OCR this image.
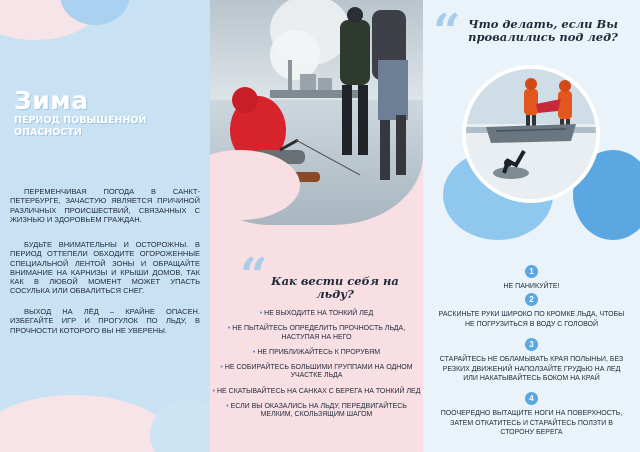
Зима
ПЕРИОД ПОВЫШЕННОЙ ОПАСНОСТИ

ПЕРЕМЕНЧИВАЯ ПОГОДА В САНКТ-ПЕТЕРБУРГЕ, ЗАЧАСТУЮ ЯВЛЯЕТСЯ ПРИЧИНОЙ РАЗЛИЧНЫХ ПРОИСШЕСТВИЙ, СВЯЗАННЫХ С ЖИЗНЬЮ И ЗДОРОВЬЕМ ГРАЖДАН.

БУДЬТЕ ВНИМАТЕЛЬНЫ И ОСТОРОЖНЫ. В ПЕРИОД ОТТЕПЕЛИ ОБХОДИТЕ ОГОРОЖЕННЫЕ СПЕЦИАЛЬНОЙ ЛЕНТОЙ ЗОНЫ И ОБРАЩАЙТЕ ВНИМАНИЕ НА КАРНИЗЫ И КРЫШИ ДОМОВ, ТАК КАК В ЛЮБОЙ МОМЕНТ МОЖЕТ УПАСТЬ СОСУЛЬКА ИЛИ ОБВАЛИТЬСЯ СНЕГ.

ВЫХОД НА ЛЁД – КРАЙНЕ ОПАСЕН. ИЗБЕГАЙТЕ ИГР И ПРОГУЛОК ПО ЛЬДУ, В ПРОЧНОСТИ КОТОРОГО ВЫ НЕ УВЕРЕНЫ.

“ Как вести себя на льду?
• НЕ ВЫХОДИТЕ НА ТОНКИЙ ЛЕД
• НЕ ПЫТАЙТЕСЬ ОПРЕДЕЛИТЬ ПРОЧНОСТЬ ЛЬДА, НАСТУПАЯ НА НЕГО
• НЕ ПРИБЛИЖАЙТЕСЬ К ПРОРУБЯМ
• НЕ СОБИРАЙТЕСЬ БОЛЬШИМИ ГРУППАМИ НА ОДНОМ УЧАСТКЕ ЛЬДА
• НЕ СКАТЫВАЙТЕСЬ НА САНКАХ С БЕРЕГА НА ТОНКИЙ ЛЕД
• ЕСЛИ ВЫ ОКАЗАЛИСЬ НА ЛЬДУ, ПЕРЕДВИГАЙТЕСЬ МЕЛКИМ, СКОЛЬЗЯЩИМ ШАГОМ
“ Что делать, если Вы провалились под лед?
1
НЕ ПАНИКУЙТЕ!
2
РАСКИНЬТЕ РУКИ ШИРОКО ПО КРОМКЕ ЛЬДА, ЧТОБЫ НЕ ПОГРУЗИТЬСЯ В ВОДУ С ГОЛОВОЙ
3
СТАРАЙТЕСЬ НЕ ОБЛАМЫВАТЬ КРАЯ ПОЛЫНЬИ, БЕЗ РЕЗКИХ ДВИЖЕНИЙ НАПОЛЗАЙТЕ ГРУДЬЮ НА ЛЕД ИЛИ НАКАТЫВАЙТЕСЬ БОКОМ НА КРАЙ
4
ПООЧЕРЕДНО ВЫТАЩИТЕ НОГИ НА ПОВЕРХНОСТЬ, ЗАТЕМ ОТКАТИТЕСЬ И СТАРАЙТЕСЬ ПОЛЗТИ В СТОРОНУ БЕРЕГА
